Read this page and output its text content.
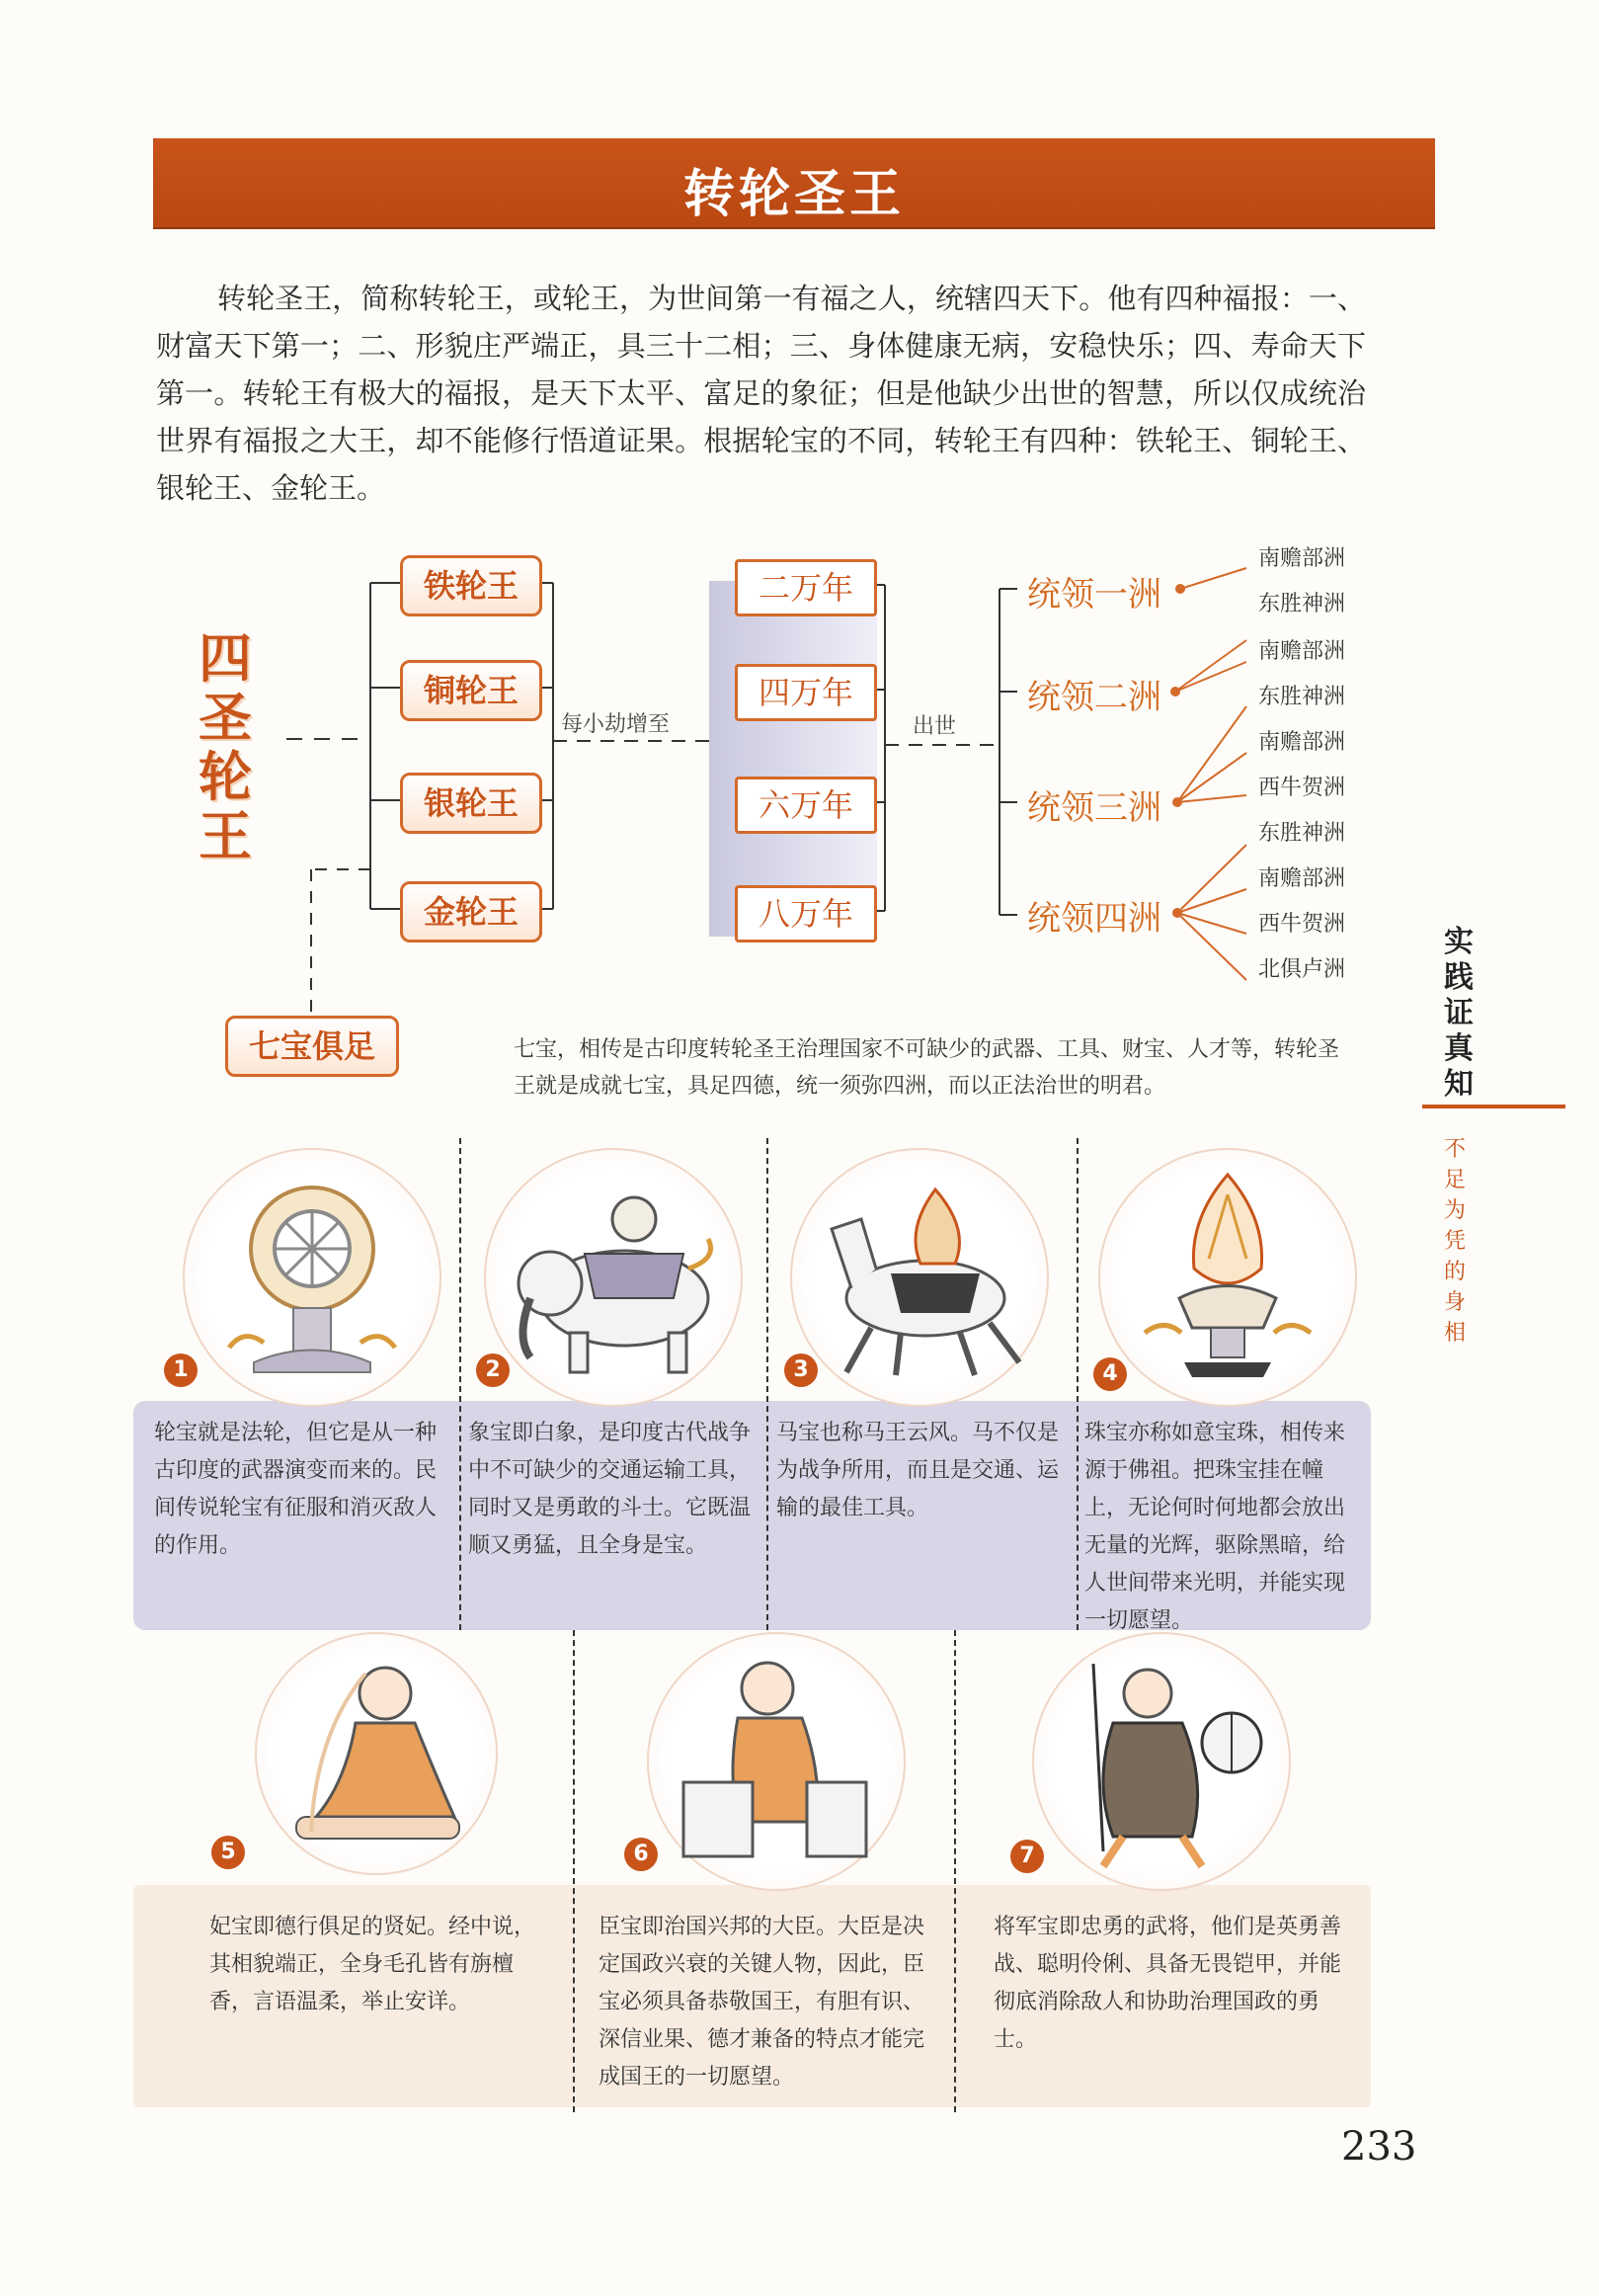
转轮圣王
转轮圣王，简称转轮王，或轮王，为世间第一有福之人，统辖四天下。他有四种福报：一、财富天下第一；二、形貌庄严端正，具三十二相；三、身体健康无病，安稳快乐；四、寿命天下第一。转轮王有极大的福报，是天下太平、富足的象征；但是他缺少出世的智慧，所以仅成统治世界有福报之大王，却不能修行悟道证果。根据轮宝的不同，转轮王有四种：铁轮王、铜轮王、银轮王、金轮王。
四圣轮王
铁轮王
铜轮王
银轮王
金轮王
每小劫增至
二万年
四万年
六万年
八万年
出世
统领一洲
统领二洲
统领三洲
统领四洲
南赡部洲
东胜神洲
南赡部洲
东胜神洲
南赡部洲
西牛贺洲
东胜神洲
南赡部洲
西牛贺洲
北俱卢洲
七宝俱足	七宝，相传是古印度转轮圣王治理国家不可缺少的武器、工具、财宝、人才等，转轮圣王就是成就七宝，具足四德，统一须弥四洲，而以正法治世的明君。
实践证真知
不足为凭的身相
1
轮宝就是法轮，但它是从一种古印度的武器演变而来的。民间传说轮宝有征服和消灭敌人的作用。
2
象宝即白象，是印度古代战争中不可缺少的交通运输工具，同时又是勇敢的斗士。它既温顺又勇猛，且全身是宝。
3
马宝也称马王云风。马不仅是为战争所用，而且是交通、运输的最佳工具。
4
珠宝亦称如意宝珠，相传来源于佛祖。把珠宝挂在幢上，无论何时何地都会放出无量的光辉，驱除黑暗，给人世间带来光明，并能实现一切愿望。
5
妃宝即德行俱足的贤妃。经中说，其相貌端正，全身毛孔皆有旃檀香，言语温柔，举止安详。
6
臣宝即治国兴邦的大臣。大臣是决定国政兴衰的关键人物，因此，臣宝必须具备恭敬国王，有胆有识、深信业果、德才兼备的特点才能完成国王的一切愿望。
7
将军宝即忠勇的武将，他们是英勇善战、聪明伶俐、具备无畏铠甲，并能彻底消除敌人和协助治理国政的勇士。
233
